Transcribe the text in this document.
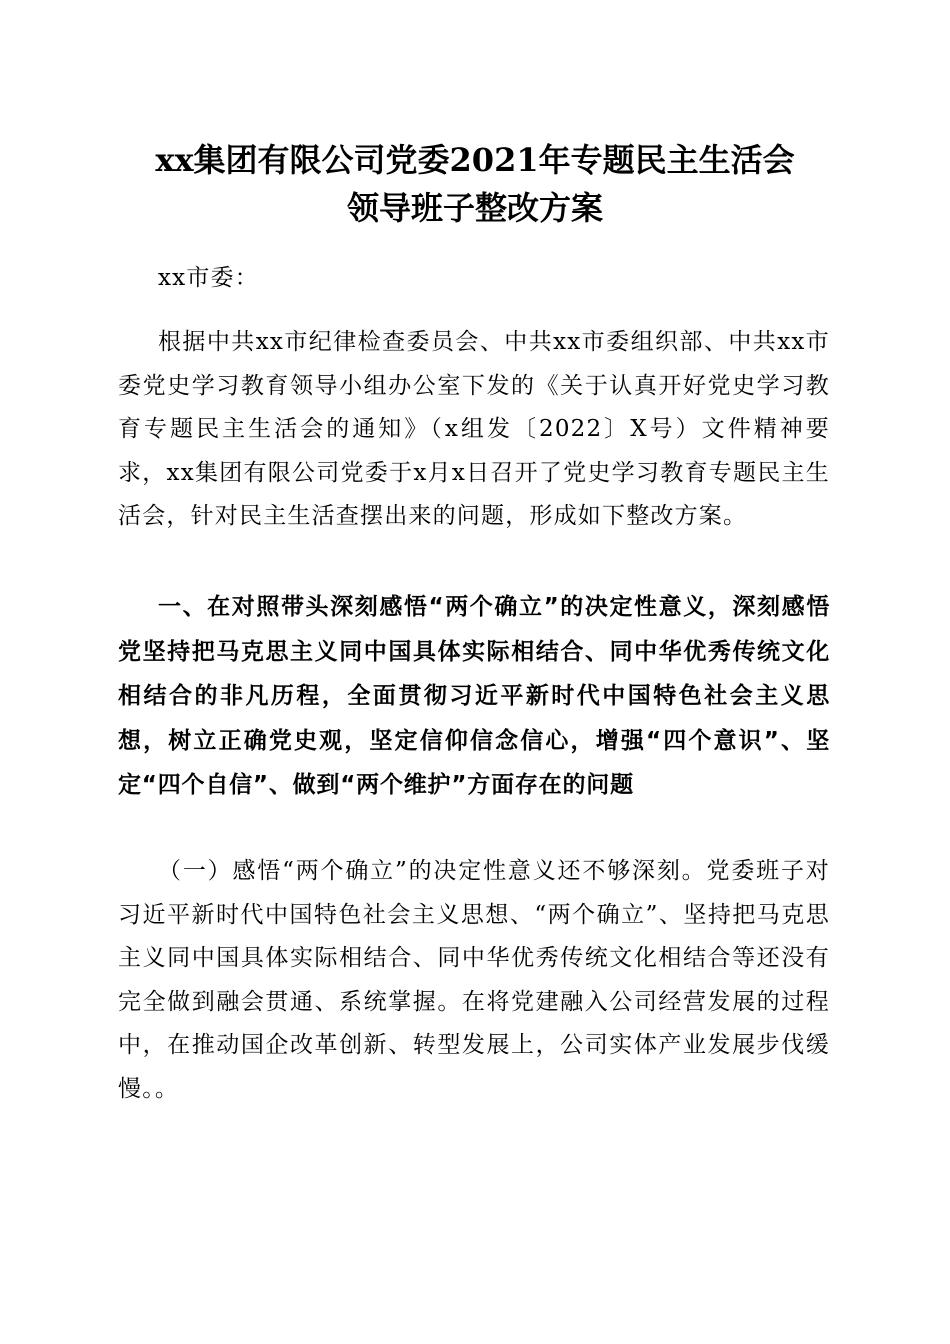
xx集团有限公司党委2021年专题民主生活会
领导班子整改方案

xx市委：

根据中共xx市纪律检查委员会、中共xx市委组织部、中共xx市委党史学习教育领导小组办公室下发的《关于认真开好党史学习教育专题民主生活会的通知》（x组发〔2022〕X号）文件精神要求，xx集团有限公司党委于x月x日召开了党史学习教育专题民主生活会，针对民主生活查摆出来的问题，形成如下整改方案。

一、在对照带头深刻感悟“两个确立”的决定性意义，深刻感悟党坚持把马克思主义同中国具体实际相结合、同中华优秀传统文化相结合的非凡历程，全面贯彻习近平新时代中国特色社会主义思想，树立正确党史观，坚定信仰信念信心，增强“四个意识”、坚定“四个自信”、做到“两个维护”方面存在的问题

（一）感悟“两个确立”的决定性意义还不够深刻。党委班子对习近平新时代中国特色社会主义思想、“两个确立”、坚持把马克思主义同中国具体实际相结合、同中华优秀传统文化相结合等还没有完全做到融会贯通、系统掌握。在将党建融入公司经营发展的过程中，在推动国企改革创新、转型发展上，公司实体产业发展步伐缓慢。。
